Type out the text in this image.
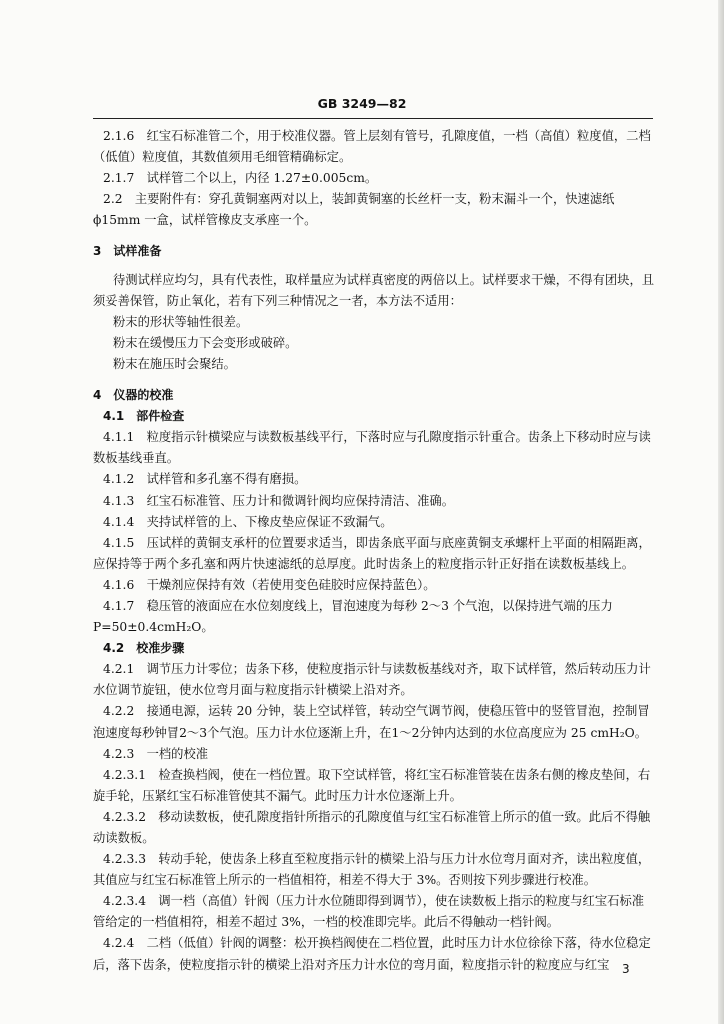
GB 3249—82

2.1.6　红宝石标准管二个，用于校准仪器。管上层刻有管号，孔隙度值，一档（高值）粒度值，二档（低值）粒度值，其数值须用毛细管精确标定。

2.1.7　试样管二个以上，内径 1.27±0.005cm。

2.2　主要附件有：穿孔黄铜塞两对以上，装卸黄铜塞的长丝杆一支，粉末漏斗一个，快速滤纸 ϕ15mm 一盒，试样管橡皮支承座一个。

3　试样准备

待测试样应均匀，具有代表性，取样量应为试样真密度的两倍以上。试样要求干燥，不得有团块，且须妥善保管，防止氧化，若有下列三种情况之一者，本方法不适用：

粉末的形状等轴性很差。

粉末在缓慢压力下会变形或破碎。

粉末在施压时会聚结。

4　仪器的校准

4.1　部件检查

4.1.1　粒度指示针横梁应与读数板基线平行，下落时应与孔隙度指示针重合。齿条上下移动时应与读数板基线垂直。

4.1.2　试样管和多孔塞不得有磨损。

4.1.3　红宝石标准管、压力计和微调针阀均应保持清洁、准确。

4.1.4　夹持试样管的上、下橡皮垫应保证不致漏气。

4.1.5　压试样的黄铜支承杆的位置要求适当，即齿条底平面与底座黄铜支承螺杆上平面的相隔距离，应保持等于两个多孔塞和两片快速滤纸的总厚度。此时齿条上的粒度指示针正好指在读数板基线上。

4.1.6　干燥剂应保持有效（若使用变色硅胶时应保持蓝色）。

4.1.7　稳压管的液面应在水位刻度线上，冒泡速度为每秒 2～3 个气泡，以保持进气端的压力 P=50±0.4cmH₂O。

4.2　校准步骤

4.2.1　调节压力计零位；齿条下移，使粒度指示针与读数板基线对齐，取下试样管，然后转动压力计水位调节旋钮，使水位弯月面与粒度指示针横梁上沿对齐。

4.2.2　接通电源，运转 20 分钟，装上空试样管，转动空气调节阀，使稳压管中的竖管冒泡，控制冒泡速度每秒钟冒2～3个气泡。压力计水位逐渐上升，在1～2分钟内达到的水位高度应为 25 cmH₂O。

4.2.3　一档的校准

4.2.3.1　检查换档阀，使在一档位置。取下空试样管，将红宝石标准管装在齿条右侧的橡皮垫间，右旋手轮，压紧红宝石标准管使其不漏气。此时压力计水位逐渐上升。

4.2.3.2　移动读数板，使孔隙度指针所指示的孔隙度值与红宝石标准管上所示的值一致。此后不得触动读数板。

4.2.3.3　转动手轮，使齿条上移直至粒度指示针的横梁上沿与压力计水位弯月面对齐，读出粒度值，其值应与红宝石标准管上所示的一档值相符，相差不得大于 3%。否则按下列步骤进行校准。

4.2.3.4　调一档（高值）针阀（压力计水位随即得到调节），使在读数板上指示的粒度与红宝石标准管给定的一档值相符，相差不超过 3%，一档的校准即完毕。此后不得触动一档针阀。

4.2.4　二档（低值）针阀的调整：松开换档阀使在二档位置，此时压力计水位徐徐下落，待水位稳定后，落下齿条，使粒度指示针的横梁上沿对齐压力计水位的弯月面，粒度指示针的粒度应与红宝	3
